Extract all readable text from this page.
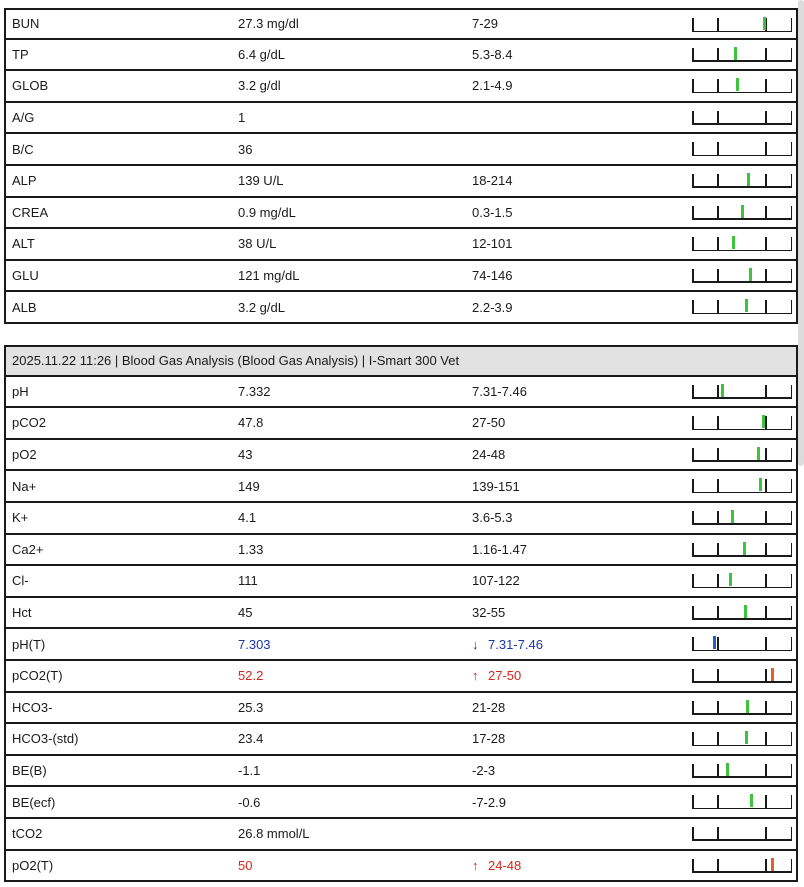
BUN	27.3 mg/dl	7-29
TP	6.4 g/dL	5.3-8.4
GLOB	3.2 g/dl	2.1-4.9
A/G	1
B/C	36
ALP	139 U/L	18-214
CREA	0.9 mg/dL	0.3-1.5
ALT	38 U/L	12-101
GLU	121 mg/dL	74-146
ALB	3.2 g/dL	2.2-3.9
2025.11.22 11:26 | Blood Gas Analysis (Blood Gas Analysis) | I-Smart 300 Vet
pH	7.332	7.31-7.46
pCO2	47.8	27-50
pO2	43	24-48
Na+	149	139-151
K+	4.1	3.6-5.3
Ca2+	1.33	1.16-1.47
Cl-	111	107-122
Hct	45	32-55
pH(T)	7.303	↓ 7.31-7.46
pCO2(T)	52.2	↑ 27-50
HCO3-	25.3	21-28
HCO3-(std)	23.4	17-28
BE(B)	-1.1	-2-3
BE(ecf)	-0.6	-7-2.9
tCO2	26.8 mmol/L
pO2(T)	50	↑ 24-48
